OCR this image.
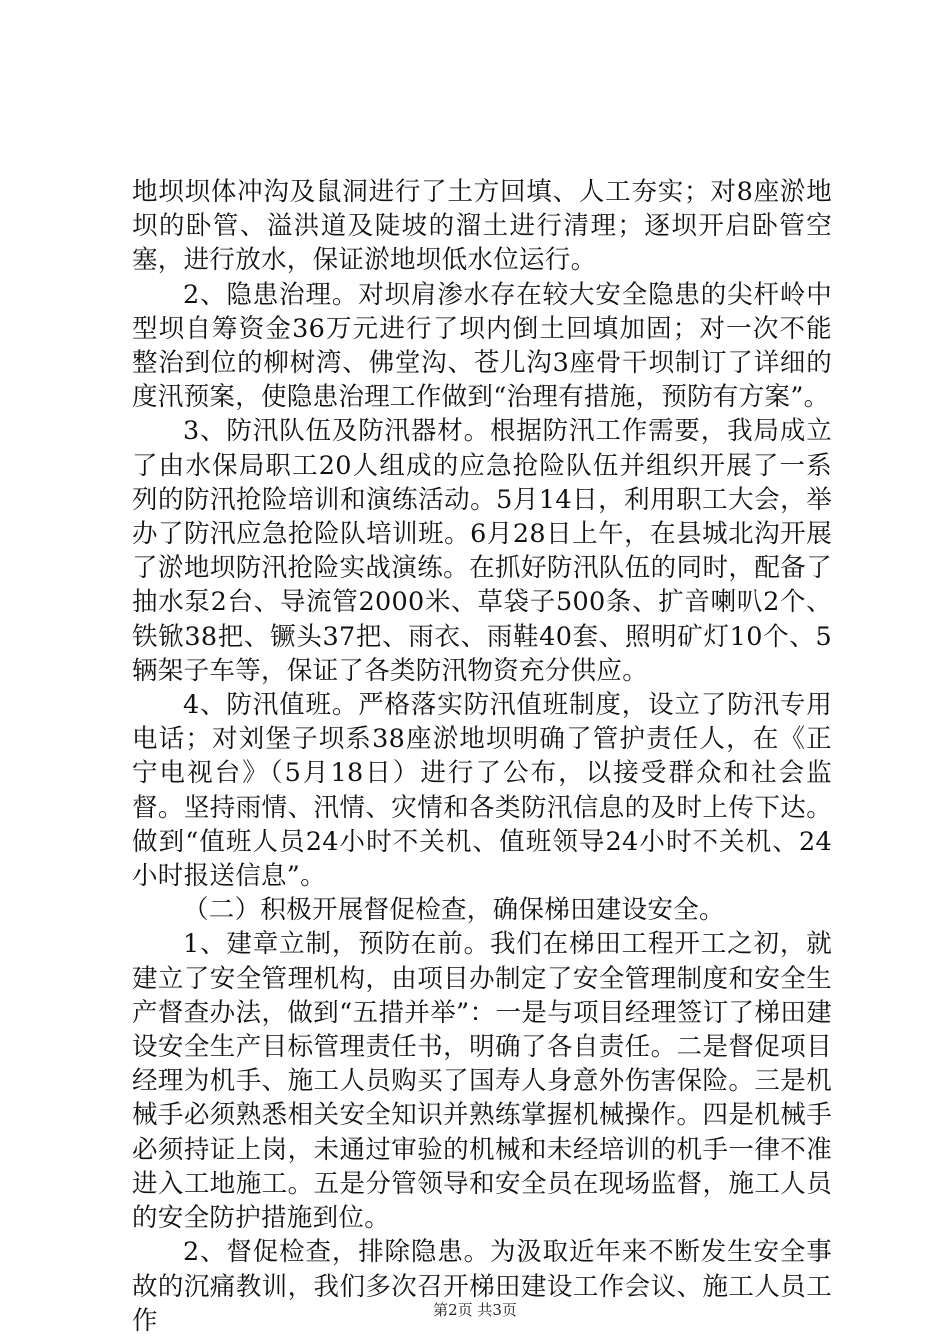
地坝坝体冲沟及鼠洞进行了土方回填、人工夯实；对8座淤地坝的卧管、溢洪道及陡坡的溜土进行清理；逐坝开启卧管空塞，进行放水，保证淤地坝低水位运行。

2、隐患治理。对坝肩渗水存在较大安全隐患的尖杆岭中型坝自筹资金36万元进行了坝内倒土回填加固；对一次不能整治到位的柳树湾、佛堂沟、苍儿沟3座骨干坝制订了详细的度汛预案，使隐患治理工作做到“治理有措施，预防有方案”。

3、防汛队伍及防汛器材。根据防汛工作需要，我局成立了由水保局职工20人组成的应急抢险队伍并组织开展了一系列的防汛抢险培训和演练活动。5月14日，利用职工大会，举办了防汛应急抢险队培训班。6月28日上午，在县城北沟开展了淤地坝防汛抢险实战演练。在抓好防汛队伍的同时，配备了抽水泵2台、导流管2000米、草袋子500条、扩音喇叭2个、铁锨38把、镢头37把、雨衣、雨鞋40套、照明矿灯10个、5辆架子车等，保证了各类防汛物资充分供应。

4、防汛值班。严格落实防汛值班制度，设立了防汛专用电话；对刘堡子坝系38座淤地坝明确了管护责任人，在《正宁电视台》（5月18日）进行了公布，以接受群众和社会监督。坚持雨情、汛情、灾情和各类防汛信息的及时上传下达。做到“值班人员24小时不关机、值班领导24小时不关机、24小时报送信息”。

（二）积极开展督促检查，确保梯田建设安全。

1、建章立制，预防在前。我们在梯田工程开工之初，就建立了安全管理机构，由项目办制定了安全管理制度和安全生产督查办法，做到“五措并举”：一是与项目经理签订了梯田建设安全生产目标管理责任书，明确了各自责任。二是督促项目经理为机手、施工人员购买了国寿人身意外伤害保险。三是机械手必须熟悉相关安全知识并熟练掌握机械操作。四是机械手必须持证上岗，未通过审验的机械和未经培训的机手一律不准进入工地施工。五是分管领导和安全员在现场监督，施工人员的安全防护措施到位。

2、督促检查，排除隐患。为汲取近年来不断发生安全事故的沉痛教训，我们多次召开梯田建设工作会议、施工人员工作	第2页 共3页
